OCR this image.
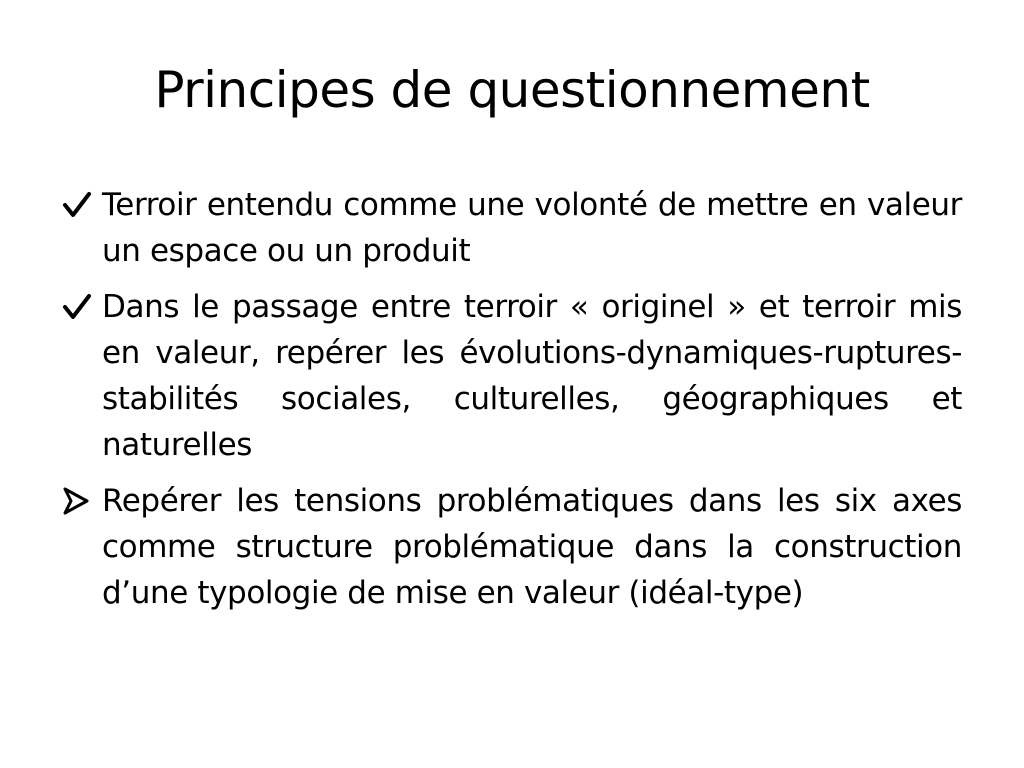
Principes de questionnement
Terroir entendu comme une volonté de mettre en valeur un espace ou un produit
Dans le passage entre terroir « originel » et terroir mis en valeur, repérer les évolutions-dynamiques-ruptures-stabilités sociales, culturelles, géographiques et naturelles
Repérer les tensions problématiques dans les six axes comme structure problématique dans la construction d’une typologie de mise en valeur (idéal-type)
